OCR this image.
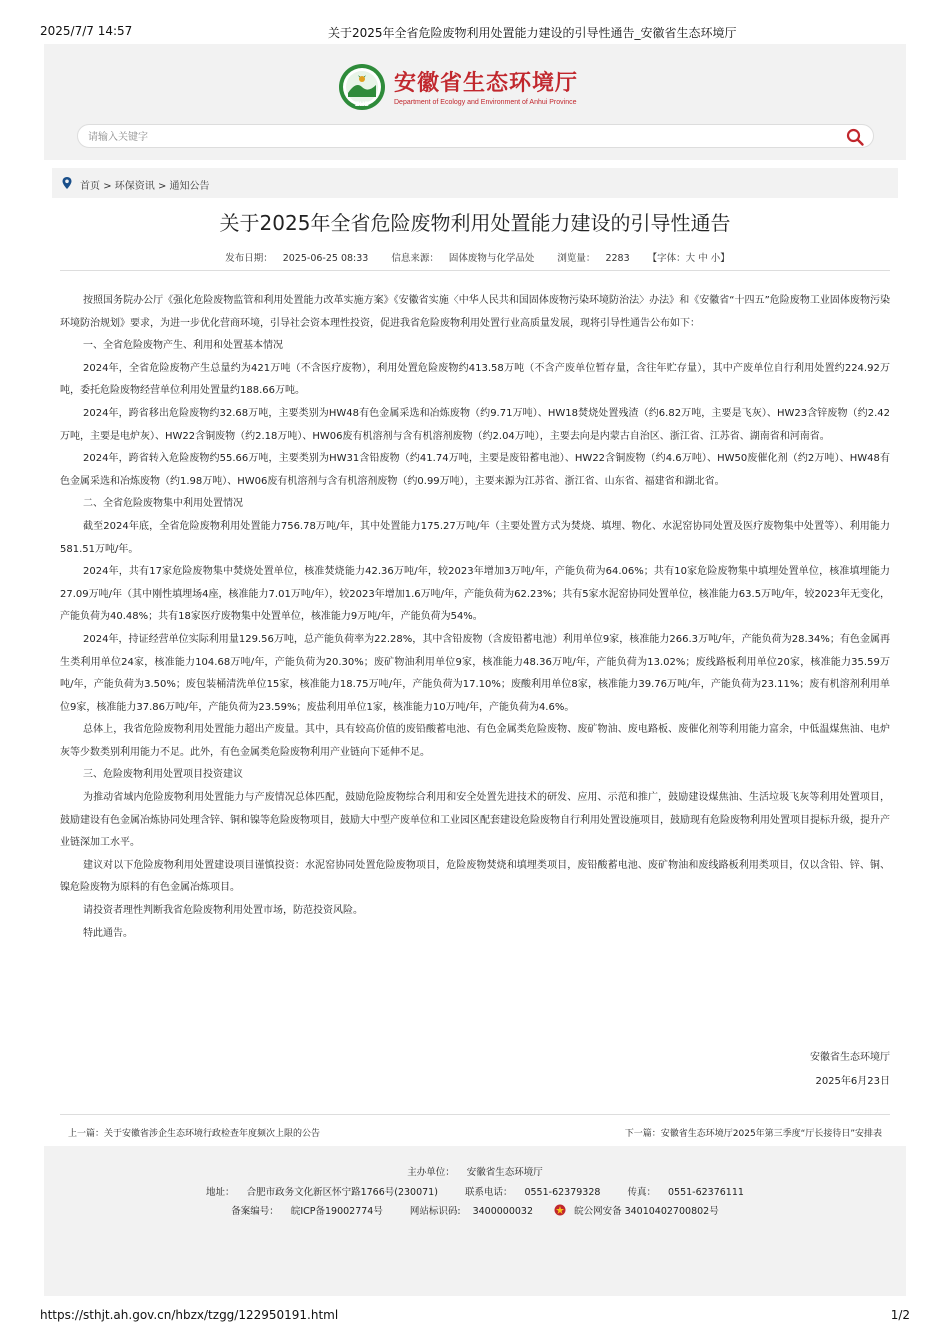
2025/7/7 14:57	关于2025年全省危险废物利用处置能力建设的引导性通告_安徽省生态环境厅
ZHB
安徽省生态环境厅
Department of Ecology and Environment of Anhui Province
请输入关键字
首页 > 环保资讯 > 通知公告
关于2025年全省危险废物利用处置能力建设的引导性通告
发布日期： 2025-06-25 08:33 信息来源： 固体废物与化学品处 浏览量： 2283 【字体：大 中 小】

按照国务院办公厅《强化危险废物监管和利用处置能力改革实施方案》《安徽省实施〈中华人民共和国固体废物污染环境防治法〉办法》和《安徽省“十四五”危险废物工业固体废物污染环境防治规划》要求，为进一步优化营商环境，引导社会资本理性投资，促进我省危险废物利用处置行业高质量发展，现将引导性通告公布如下：

一、全省危险废物产生、利用和处置基本情况

2024年，全省危险废物产生总量约为421万吨（不含医疗废物），利用处置危险废物约413.58万吨（不含产废单位暂存量，含往年贮存量），其中产废单位自行利用处置约224.92万吨，委托危险废物经营单位利用处置量约188.66万吨。

2024年，跨省移出危险废物约32.68万吨，主要类别为HW48有色金属采选和冶炼废物（约9.71万吨）、HW18焚烧处置残渣（约6.82万吨，主要是飞灰）、HW23含锌废物（约2.42万吨，主要是电炉灰）、HW22含铜废物（约2.18万吨）、HW06废有机溶剂与含有机溶剂废物（约2.04万吨），主要去向是内蒙古自治区、浙江省、江苏省、湖南省和河南省。

2024年，跨省转入危险废物约55.66万吨，主要类别为HW31含铅废物（约41.74万吨，主要是废铅蓄电池）、HW22含铜废物（约4.6万吨）、HW50废催化剂（约2万吨）、HW48有色金属采选和冶炼废物（约1.98万吨）、HW06废有机溶剂与含有机溶剂废物（约0.99万吨），主要来源为江苏省、浙江省、山东省、福建省和湖北省。

二、全省危险废物集中利用处置情况

截至2024年底，全省危险废物利用处置能力756.78万吨/年，其中处置能力175.27万吨/年（主要处置方式为焚烧、填埋、物化、水泥窑协同处置及医疗废物集中处置等）、利用能力581.51万吨/年。

2024年，共有17家危险废物集中焚烧处置单位，核准焚烧能力42.36万吨/年，较2023年增加3万吨/年，产能负荷为64.06%；共有10家危险废物集中填埋处置单位，核准填埋能力27.09万吨/年（其中刚性填埋场4座，核准能力7.01万吨/年），较2023年增加1.6万吨/年，产能负荷为62.23%；共有5家水泥窑协同处置单位，核准能力63.5万吨/年，较2023年无变化，产能负荷为40.48%；共有18家医疗废物集中处置单位，核准能力9万吨/年，产能负荷为54%。

2024年，持证经营单位实际利用量129.56万吨，总产能负荷率为22.28%，其中含铅废物（含废铅蓄电池）利用单位9家，核准能力266.3万吨/年，产能负荷为28.34%；有色金属再生类利用单位24家，核准能力104.68万吨/年，产能负荷为20.30%；废矿物油利用单位9家，核准能力48.36万吨/年，产能负荷为13.02%；废线路板利用单位20家，核准能力35.59万吨/年，产能负荷为3.50%；废包装桶清洗单位15家，核准能力18.75万吨/年，产能负荷为17.10%；废酸利用单位8家，核准能力39.76万吨/年，产能负荷为23.11%；废有机溶剂利用单位9家，核准能力37.86万吨/年，产能负荷为23.59%；废盐利用单位1家，核准能力10万吨/年，产能负荷为4.6%。

总体上，我省危险废物利用处置能力超出产废量。其中，具有较高价值的废铅酸蓄电池、有色金属类危险废物、废矿物油、废电路板、废催化剂等利用能力富余，中低温煤焦油、电炉灰等少数类别利用能力不足。此外，有色金属类危险废物利用产业链向下延伸不足。

三、危险废物利用处置项目投资建议

为推动省域内危险废物利用处置能力与产废情况总体匹配，鼓励危险废物综合利用和安全处置先进技术的研发、应用、示范和推广，鼓励建设煤焦油、生活垃圾飞灰等利用处置项目，鼓励建设有色金属冶炼协同处理含锌、铜和镍等危险废物项目，鼓励大中型产废单位和工业园区配套建设危险废物自行利用处置设施项目，鼓励现有危险废物利用处置项目提标升级，提升产业链深加工水平。

建议对以下危险废物利用处置建设项目谨慎投资：水泥窑协同处置危险废物项目，危险废物焚烧和填埋类项目，废铅酸蓄电池、废矿物油和废线路板利用类项目，仅以含铅、锌、铜、镍危险废物为原料的有色金属冶炼项目。

请投资者理性判断我省危险废物利用处置市场，防范投资风险。

特此通告。

安徽省生态环境厅
2025年6月23日
上一篇：关于安徽省涉企生态环境行政检查年度频次上限的公告	下一篇：安徽省生态环境厅2025年第三季度“厅长接待日”安排表
主办单位： 安徽省生态环境厅
地址： 合肥市政务文化新区怀宁路1766号(230071)	联系电话： 0551-62379328	传真： 0551-62376111
备案编号： 皖ICP备19002774号	网站标识码: 3400000032	皖公网安备 34010402700802号
https://sthjt.ah.gov.cn/hbzx/tzgg/122950191.html	1/2
